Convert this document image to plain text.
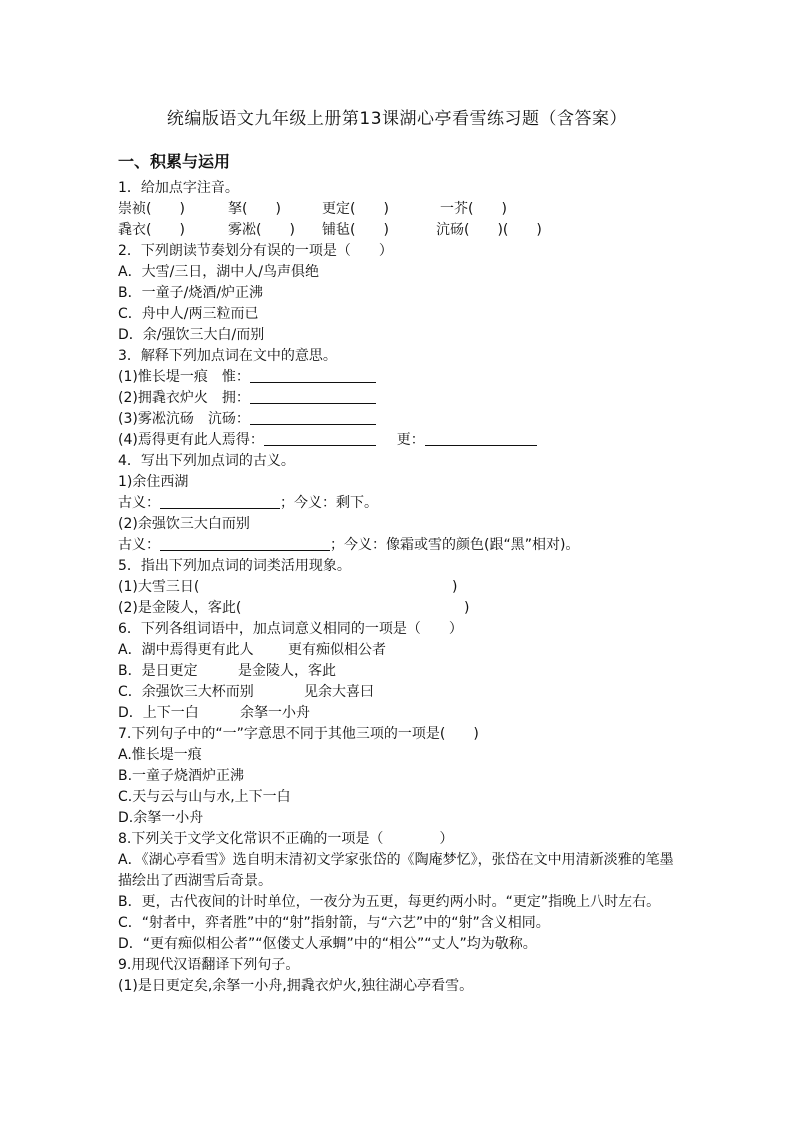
统编版语文九年级上册第13课湖心亭看雪练习题（含答案）
一、积累与运用
1．给加点字注音。
崇祯(　　)	拏(　　)	更定(　　)	一芥(　　)
毳衣(　　)	雾凇(　　) 铺毡(　　)	沆砀(　　)(　　)
2．下列朗读节奏划分有误的一项是（　　）
A．大雪/三日，湖中人/鸟声俱绝
B．一童子/烧酒/炉正沸
C．舟中人/两三粒而已
D．余/强饮三大白/而别
3．解释下列加点词在文中的意思。
(1)惟长堤一痕　惟：
(2)拥毳衣炉火　拥：
(3)雾凇沆砀　沆砀：
(4)焉得更有此人焉得：	更：
4．写出下列加点词的古义。
1)余住西湖
古义：	；今义：剩下。
(2)余强饮三大白而别
古义：	；今义：像霜或雪的颜色(跟“黑”相对)。
5．指出下列加点词的词类活用现象。
(1)大雪三日(	)
(2)是金陵人，客此(	)
6．下列各组词语中，加点词意义相同的一项是（　　）
A．湖中焉得更有此人 更有痴似相公者
B．是日更定	是金陵人，客此
C．余强饮三大杯而别	见余大喜曰
D．上下一白	余拏一小舟
7.下列句子中的“一”字意思不同于其他三项的一项是(　　)
A.惟长堤一痕
B.一童子烧酒炉正沸
C.天与云与山与水,上下一白
D.余拏一小舟
8.下列关于文学文化常识不正确的一项是（　　　　）
A．《湖心亭看雪》选自明末清初文学家张岱的《陶庵梦忆》，张岱在文中用清新淡雅的笔墨描绘出了西湖雪后奇景。
B．更，古代夜间的计时单位，一夜分为五更，每更约两小时。“更定”指晚上八时左右。
C．“射者中，弈者胜”中的“射”指射箭，与“六艺”中的“射”含义相同。
D．“更有痴似相公者”“伛偻丈人承蜩”中的“相公”“丈人”均为敬称。
9.用现代汉语翻译下列句子。
(1)是日更定矣,余拏一小舟,拥毳衣炉火,独往湖心亭看雪。
